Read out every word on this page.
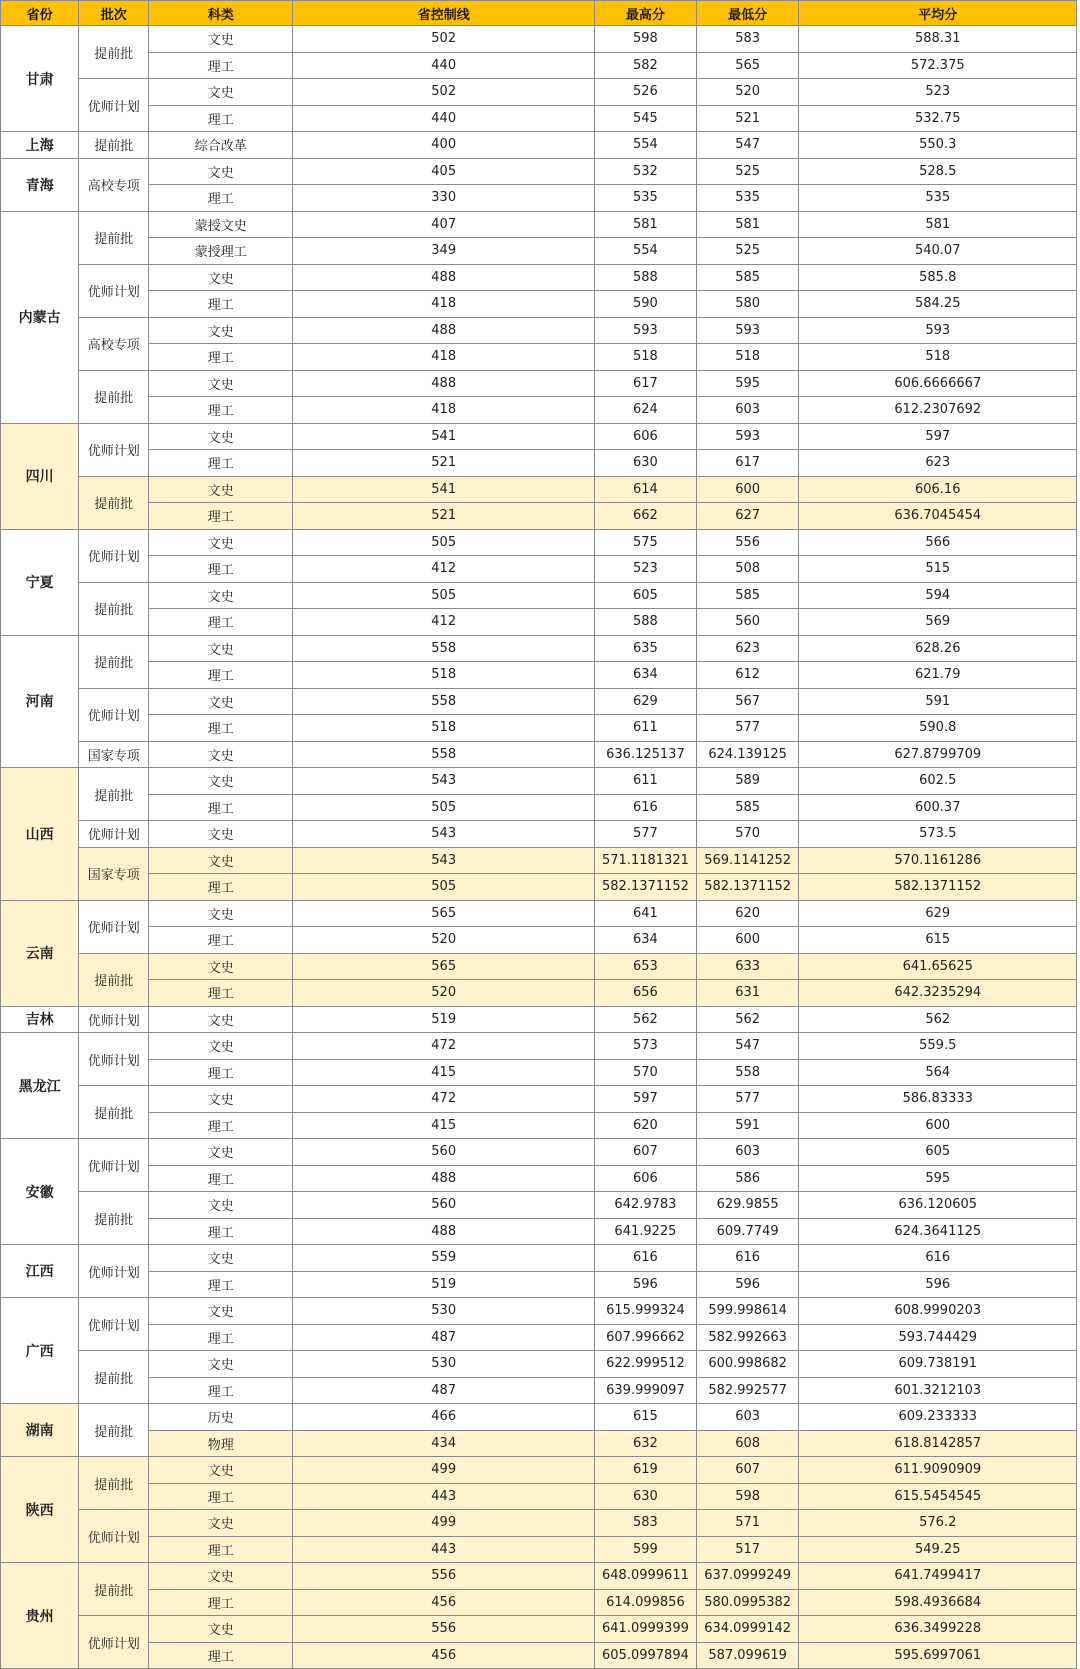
省份	批次	科类	省控制线	最高分	最低分	平均分
甘肃	提前批	文史	502	598	583	588.31
		理工	440	582	565	572.375
	优师计划	文史	502	526	520	523
		理工	440	545	521	532.75
上海	提前批	综合改革	400	554	547	550.3
青海	高校专项	文史	405	532	525	528.5
		理工	330	535	535	535
内蒙古	提前批	蒙授文史	407	581	581	581
		蒙授理工	349	554	525	540.07
	优师计划	文史	488	588	585	585.8
		理工	418	590	580	584.25
	高校专项	文史	488	593	593	593
		理工	418	518	518	518
	提前批	文史	488	617	595	606.6666667
		理工	418	624	603	612.2307692
四川	优师计划	文史	541	606	593	597
		理工	521	630	617	623
	提前批	文史	541	614	600	606.16
		理工	521	662	627	636.7045454
宁夏	优师计划	文史	505	575	556	566
		理工	412	523	508	515
	提前批	文史	505	605	585	594
		理工	412	588	560	569
河南	提前批	文史	558	635	623	628.26
		理工	518	634	612	621.79
	优师计划	文史	558	629	567	591
		理工	518	611	577	590.8
	国家专项	文史	558	636.125137	624.139125	627.8799709
山西	提前批	文史	543	611	589	602.5
		理工	505	616	585	600.37
	优师计划	文史	543	577	570	573.5
	国家专项	文史	543	571.1181321	569.1141252	570.1161286
		理工	505	582.1371152	582.1371152	582.1371152
云南	优师计划	文史	565	641	620	629
		理工	520	634	600	615
	提前批	文史	565	653	633	641.65625
		理工	520	656	631	642.3235294
吉林	优师计划	文史	519	562	562	562
黑龙江	优师计划	文史	472	573	547	559.5
		理工	415	570	558	564
	提前批	文史	472	597	577	586.83333
		理工	415	620	591	600
安徽	优师计划	文史	560	607	603	605
		理工	488	606	586	595
	提前批	文史	560	642.9783	629.9855	636.120605
		理工	488	641.9225	609.7749	624.3641125
江西	优师计划	文史	559	616	616	616
		理工	519	596	596	596
广西	优师计划	文史	530	615.999324	599.998614	608.9990203
		理工	487	607.996662	582.992663	593.744429
	提前批	文史	530	622.999512	600.998682	609.738191
		理工	487	639.999097	582.992577	601.3212103
湖南	提前批	历史	466	615	603	609.233333
		物理	434	632	608	618.8142857
陕西	提前批	文史	499	619	607	611.9090909
		理工	443	630	598	615.5454545
	优师计划	文史	499	583	571	576.2
		理工	443	599	517	549.25
贵州	提前批	文史	556	648.0999611	637.0999249	641.7499417
		理工	456	614.099856	580.0995382	598.4936684
	优师计划	文史	556	641.0999399	634.0999142	636.3499228
		理工	456	605.0997894	587.099619	595.6997061
